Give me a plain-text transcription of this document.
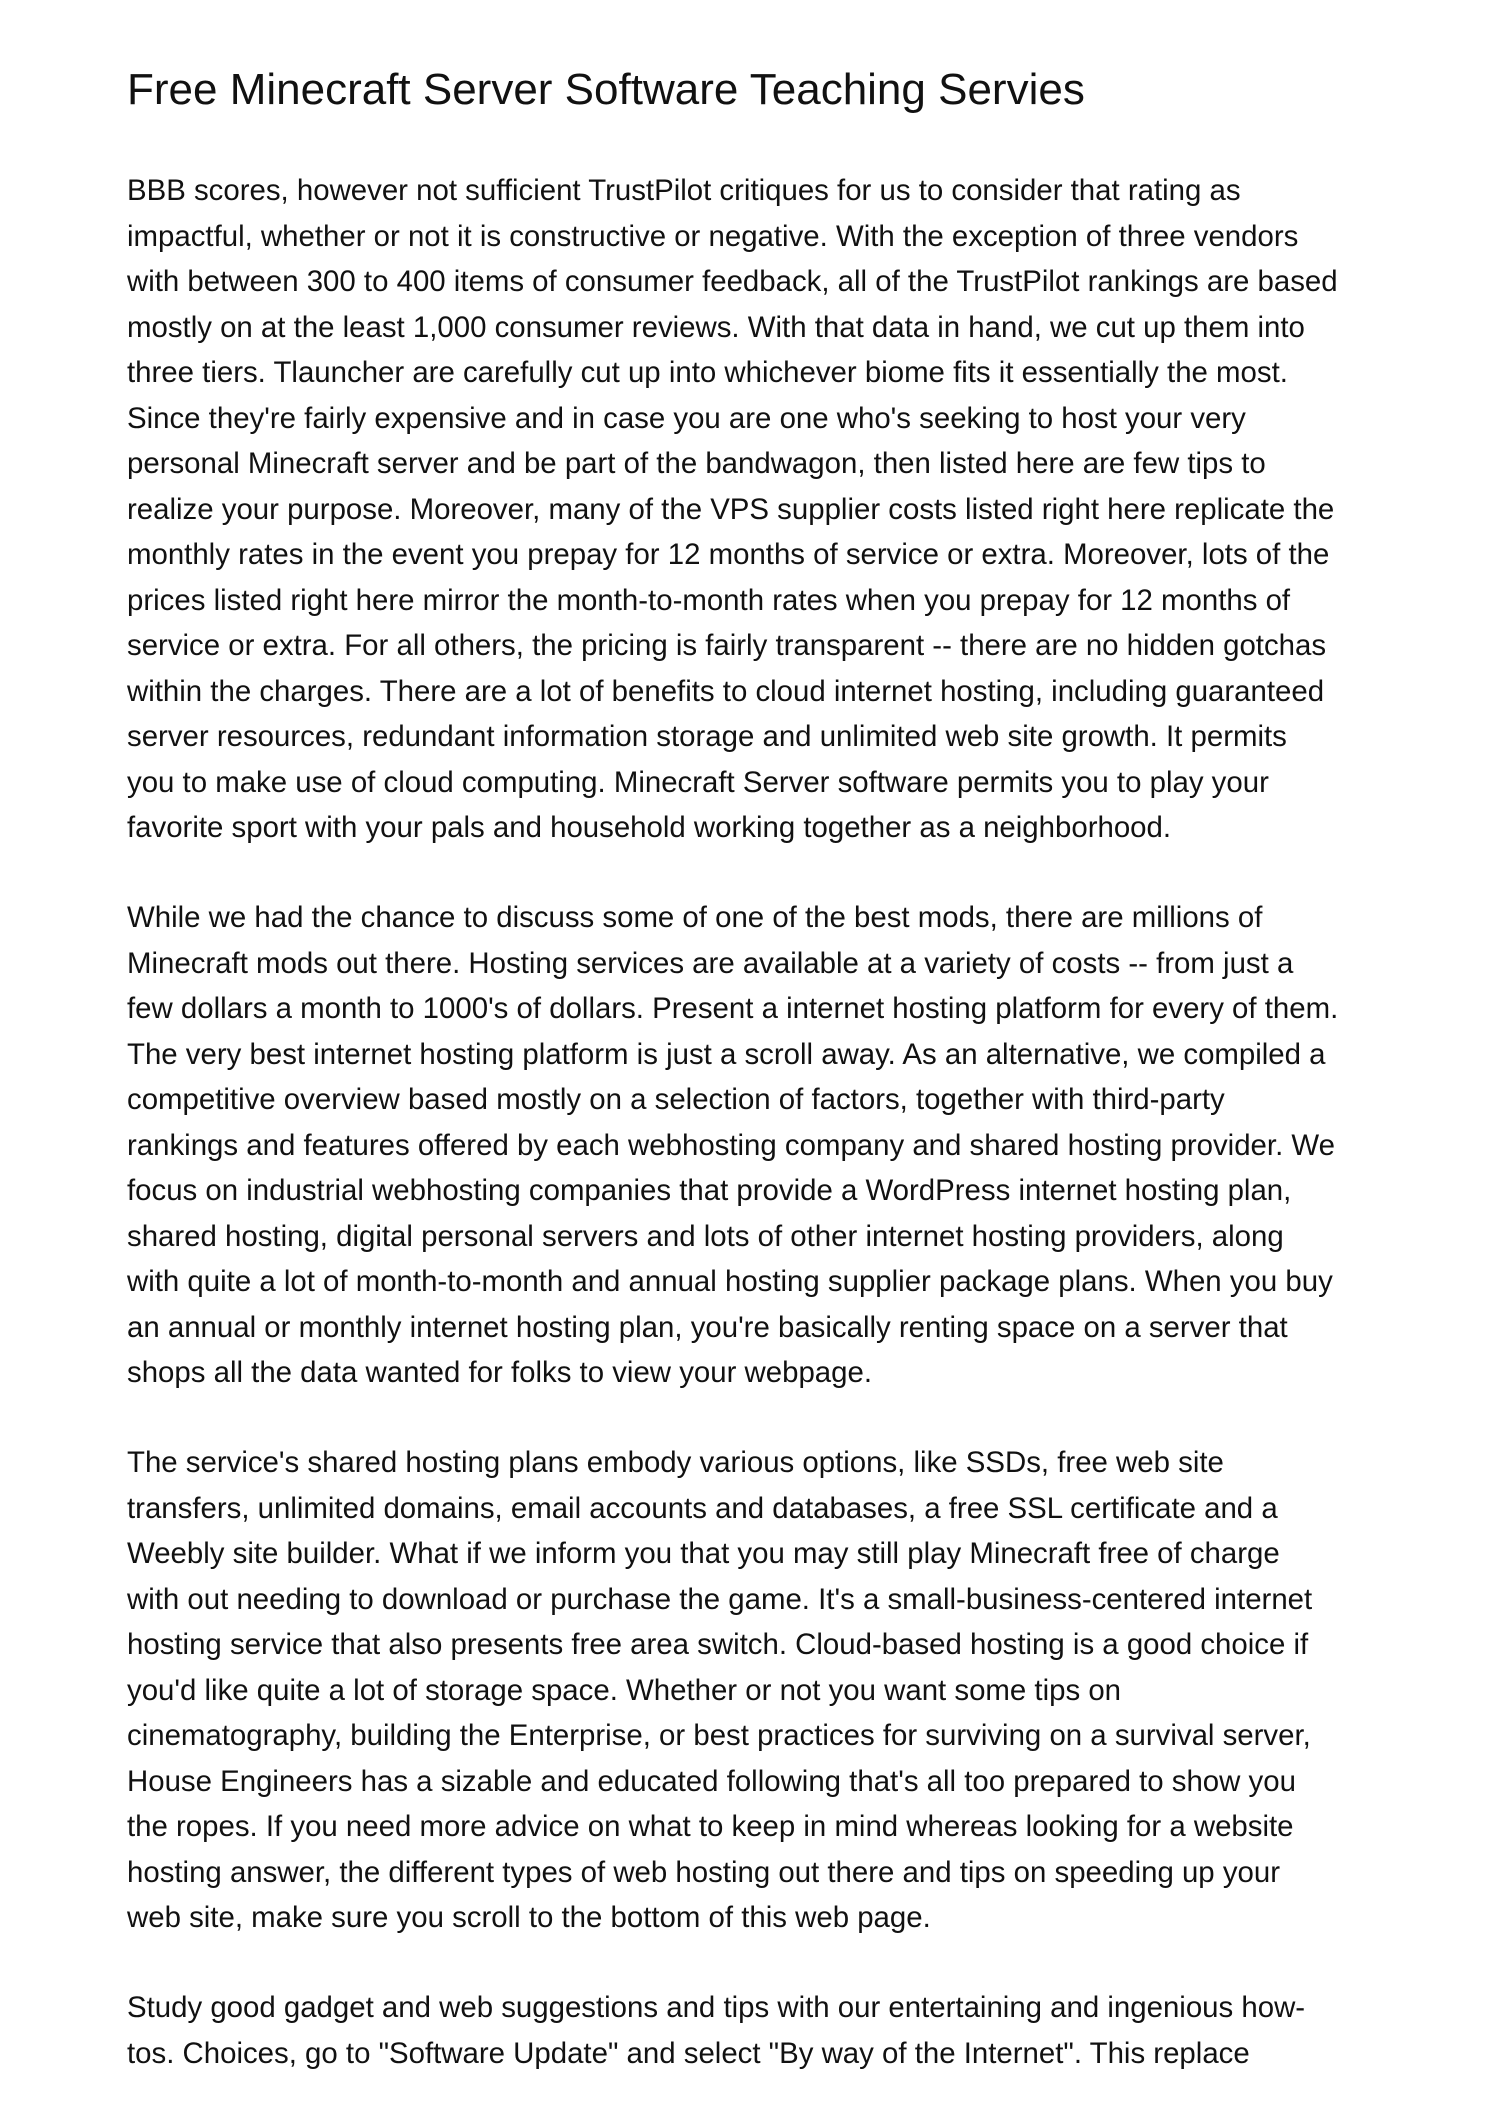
Free Minecraft Server Software Teaching Servies

BBB scores, however not sufficient TrustPilot critiques for us to consider that rating as
impactful, whether or not it is constructive or negative. With the exception of three vendors
with between 300 to 400 items of consumer feedback, all of the TrustPilot rankings are based
mostly on at the least 1,000 consumer reviews. With that data in hand, we cut up them into
three tiers. Tlauncher are carefully cut up into whichever biome fits it essentially the most.
Since they're fairly expensive and in case you are one who's seeking to host your very
personal Minecraft server and be part of the bandwagon, then listed here are few tips to
realize your purpose. Moreover, many of the VPS supplier costs listed right here replicate the
monthly rates in the event you prepay for 12 months of service or extra. Moreover, lots of the
prices listed right here mirror the month-to-month rates when you prepay for 12 months of
service or extra. For all others, the pricing is fairly transparent -- there are no hidden gotchas
within the charges. There are a lot of benefits to cloud internet hosting, including guaranteed
server resources, redundant information storage and unlimited web site growth. It permits
you to make use of cloud computing. Minecraft Server software permits you to play your
favorite sport with your pals and household working together as a neighborhood.

While we had the chance to discuss some of one of the best mods, there are millions of
Minecraft mods out there. Hosting services are available at a variety of costs -- from just a
few dollars a month to 1000's of dollars. Present a internet hosting platform for every of them.
The very best internet hosting platform is just a scroll away. As an alternative, we compiled a
competitive overview based mostly on a selection of factors, together with third-party
rankings and features offered by each webhosting company and shared hosting provider. We
focus on industrial webhosting companies that provide a WordPress internet hosting plan,
shared hosting, digital personal servers and lots of other internet hosting providers, along
with quite a lot of month-to-month and annual hosting supplier package plans. When you buy
an annual or monthly internet hosting plan, you're basically renting space on a server that
shops all the data wanted for folks to view your webpage.

The service's shared hosting plans embody various options, like SSDs, free web site
transfers, unlimited domains, email accounts and databases, a free SSL certificate and a
Weebly site builder. What if we inform you that you may still play Minecraft free of charge
with out needing to download or purchase the game. It's a small-business-centered internet
hosting service that also presents free area switch. Cloud-based hosting is a good choice if
you'd like quite a lot of storage space. Whether or not you want some tips on
cinematography, building the Enterprise, or best practices for surviving on a survival server,
House Engineers has a sizable and educated following that's all too prepared to show you
the ropes. If you need more advice on what to keep in mind whereas looking for a website
hosting answer, the different types of web hosting out there and tips on speeding up your
web site, make sure you scroll to the bottom of this web page.

Study good gadget and web suggestions and tips with our entertaining and ingenious how-
tos. Choices, go to "Software Update" and select "By way of the Internet". This replace
